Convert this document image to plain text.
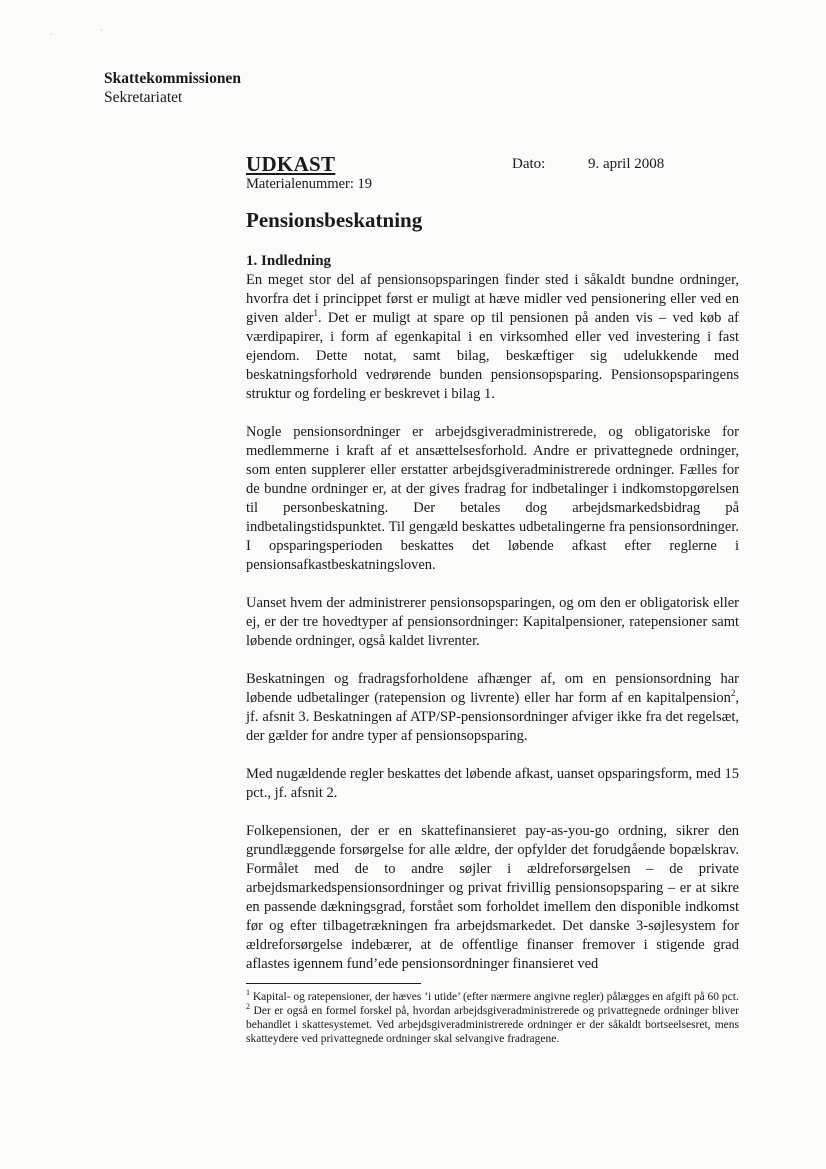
·	·
Skattekommissionen
Sekretariatet
UDKAST	Dato:	9. april 2008
Materialenummer: 19
Pensionsbeskatning
1. Indledning

En meget stor del af pensionsopsparingen finder sted i såkaldt bundne ordninger, hvorfra det i princippet først er muligt at hæve midler ved pensionering eller ved en given alder$^1$. Det er muligt at spare op til pensionen på anden vis – ved køb af værdipapirer, i form af egenkapital i en virksomhed eller ved investering i fast ejendom. Dette notat, samt bilag, beskæftiger sig udelukkende med beskatningsforhold vedrørende bunden pensionsopsparing. Pensionsopsparingens struktur og fordeling er beskrevet i bilag 1.

Nogle pensionsordninger er arbejdsgiveradministrerede, og obligatoriske for medlemmerne i kraft af et ansættelsesforhold. Andre er privattegnede ordninger, som enten supplerer eller erstatter arbejdsgiveradministrerede ordninger. Fælles for de bundne ordninger er, at der gives fradrag for indbetalinger i indkomstopgørelsen til personbeskatning. Der betales dog arbejdsmarkedsbidrag på indbetalingstidspunktet. Til gengæld beskattes udbetalingerne fra pensionsordninger. I opsparingsperioden beskattes det løbende afkast efter reglerne i pensionsafkastbeskatningsloven.

Uanset hvem der administrerer pensionsopsparingen, og om den er obligatorisk eller ej, er der tre hovedtyper af pensionsordninger: Kapitalpensioner, ratepensioner samt løbende ordninger, også kaldet livrenter.

Beskatningen og fradragsforholdene afhænger af, om en pensionsordning har løbende udbetalinger (ratepension og livrente) eller har form af en kapitalpension$^2$, jf. afsnit 3. Beskatningen af ATP/SP-pensionsordninger afviger ikke fra det regelsæt, der gælder for andre typer af pensionsopsparing.

Med nugældende regler beskattes det løbende afkast, uanset opsparingsform, med 15 pct., jf. afsnit 2.

Folkepensionen, der er en skattefinansieret pay-as-you-go ordning, sikrer den grundlæggende forsørgelse for alle ældre, der opfylder det forudgående bopælskrav. Formålet med de to andre søjler i ældreforsørgelsen – de private arbejdsmarkedspensionsordninger og privat frivillig pensionsopsparing – er at sikre en passende dækningsgrad, forstået som forholdet imellem den disponible indkomst før og efter tilbagetrækningen fra arbejdsmarkedet. Det danske 3-søjlesystem for ældreforsørgelse indebærer, at de offentlige finanser fremover i stigende grad aflastes igennem fund’ede pensionsordninger finansieret ved

$^1$ Kapital- og ratepensioner, der hæves ’i utide’ (efter nærmere angivne regler) pålægges en afgift på 60 pct.
$^2$ Der er også en formel forskel på, hvordan arbejdsgiveradministrerede og privattegnede ordninger bliver behandlet i skattesystemet. Ved arbejdsgiveradministrerede ordninger er der såkaldt bortseelsesret, mens skatteydere ved privattegnede ordninger skal selvangive fradragene.
